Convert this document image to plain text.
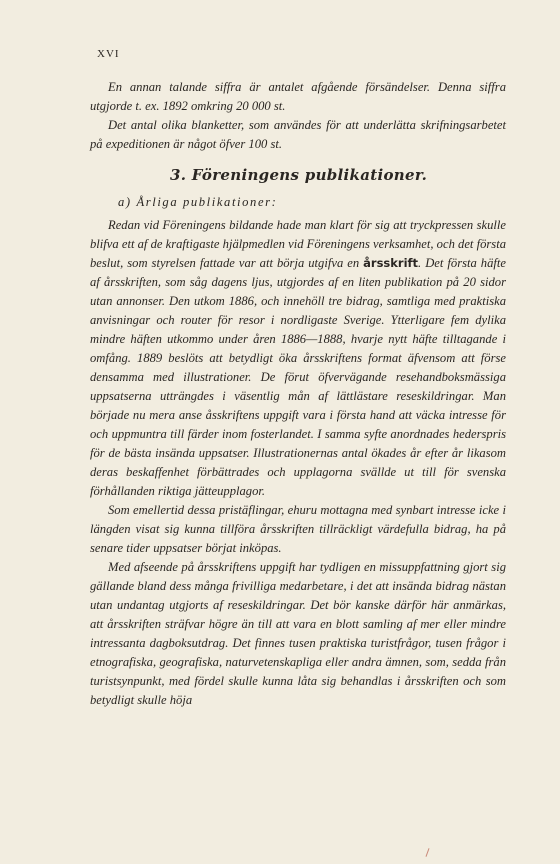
XVI

En annan talande siffra är antalet afgående försändelser. Denna siffra utgjorde t. ex. 1892 omkring 20 000 st.

Det antal olika blanketter, som användes för att underlätta skrifningsarbetet på expeditionen är något öfver 100 st.

3. Föreningens publikationer.
a) Årliga publikationer:

Redan vid Föreningens bildande hade man klart för sig att tryckpressen skulle blifva ett af de kraftigaste hjälpmedlen vid Föreningens verksamhet, och det första beslut, som styrelsen fattade var att börja utgifva en årsskrift. Det första häfte af årsskriften, som såg dagens ljus, utgjordes af en liten publikation på 20 sidor utan annonser. Den utkom 1886, och innehöll tre bidrag, samtliga med praktiska anvisningar och router för resor i nordligaste Sverige. Ytterligare fem dylika mindre häften utkommo under åren 1886—1888, hvarje nytt häfte tilltagande i omfång. 1889 beslöts att betydligt öka årsskriftens format äfvensom att förse densamma med illustrationer. De förut öfvervägande resehandboksmässiga uppsatserna utträngdes i väsentlig mån af lättlästare reseskildringar. Man började nu mera anse åsskriftens uppgift vara i första hand att väcka intresse för och uppmuntra till färder inom fosterlandet. I samma syfte anordnades hederspris för de bästa insända uppsatser. Illustrationernas antal ökades år efter år likasom deras beskaffenhet förbättrades och upplagorna svällde ut till för svenska förhållanden riktiga jätteupplagor.

Som emellertid dessa pristäflingar, ehuru mottagna med synbart intresse icke i längden visat sig kunna tillföra årsskriften tillräckligt värdefulla bidrag, ha på senare tider uppsatser börjat inköpas.

Med afseende på årsskriftens uppgift har tydligen en missuppfattning gjort sig gällande bland dess många frivilliga medarbetare, i det att insända bidrag nästan utan undantag utgjorts af reseskildringar. Det bör kanske därför här anmärkas, att årsskriften sträfvar högre än till att vara en blott samling af mer eller mindre intressanta dagboksutdrag. Det finnes tusen praktiska turistfrågor, tusen frågor i etnografiska, geografiska, naturvetenskapliga eller andra ämnen, som, sedda från turistsynpunkt, med fördel skulle kunna låta sig behandlas i årsskriften och som betydligt skulle höja
